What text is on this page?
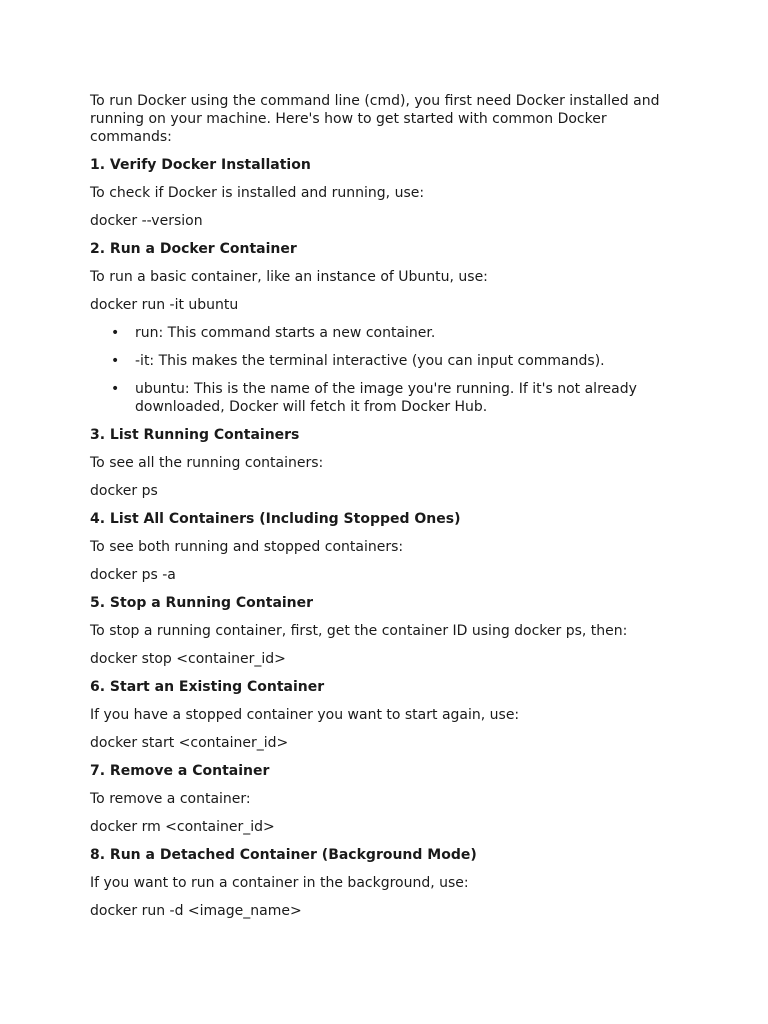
To run Docker using the command line (cmd), you first need Docker installed and running on your machine. Here's how to get started with common Docker commands:

1. Verify Docker Installation

To check if Docker is installed and running, use:

docker --version

2. Run a Docker Container

To run a basic container, like an instance of Ubuntu, use:

docker run -it ubuntu

• run: This command starts a new container.
• -it: This makes the terminal interactive (you can input commands).
• ubuntu: This is the name of the image you're running. If it's not already downloaded, Docker will fetch it from Docker Hub.

3. List Running Containers

To see all the running containers:

docker ps

4. List All Containers (Including Stopped Ones)

To see both running and stopped containers:

docker ps -a

5. Stop a Running Container

To stop a running container, first, get the container ID using docker ps, then:

docker stop <container_id>

6. Start an Existing Container

If you have a stopped container you want to start again, use:

docker start <container_id>

7. Remove a Container

To remove a container:

docker rm <container_id>

8. Run a Detached Container (Background Mode)

If you want to run a container in the background, use:

docker run -d <image_name>
